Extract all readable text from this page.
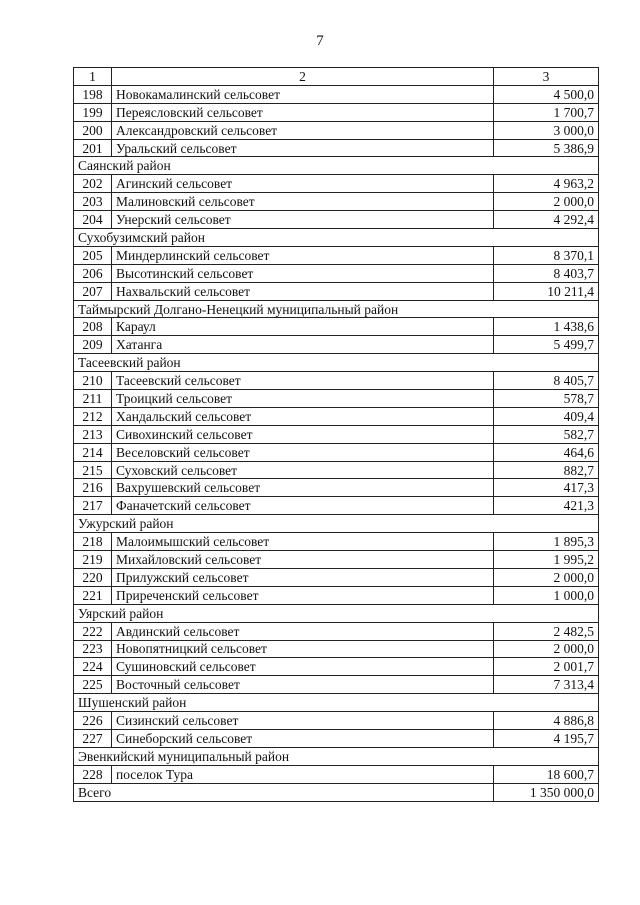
7
1	2	3
198	Новокамалинский сельсовет	4 500,0
199	Переясловский сельсовет	1 700,7
200	Александровский сельсовет	3 000,0
201	Уральский сельсовет	5 386,9
Саянский район		
202	Агинский сельсовет	4 963,2
203	Малиновский сельсовет	2 000,0
204	Унерский сельсовет	4 292,4
Сухобузимский район		
205	Миндерлинский сельсовет	8 370,1
206	Высотинский сельсовет	8 403,7
207	Нахвальский сельсовет	10 211,4
Таймырский Долгано-Ненецкий муниципальный район		
208	Караул	1 438,6
209	Хатанга	5 499,7
Тасеевский район		
210	Тасеевский сельсовет	8 405,7
211	Троицкий сельсовет	578,7
212	Хандальский сельсовет	409,4
213	Сивохинский сельсовет	582,7
214	Веселовский сельсовет	464,6
215	Суховский сельсовет	882,7
216	Вахрушевский сельсовет	417,3
217	Фаначетский сельсовет	421,3
Ужурский район		
218	Малоимышский сельсовет	1 895,3
219	Михайловский сельсовет	1 995,2
220	Прилужский сельсовет	2 000,0
221	Приреченский сельсовет	1 000,0
Уярский район		
222	Авдинский сельсовет	2 482,5
223	Новопятницкий сельсовет	2 000,0
224	Сушиновский сельсовет	2 001,7
225	Восточный сельсовет	7 313,4
Шушенский район		
226	Сизинский сельсовет	4 886,8
227	Синеборский сельсовет	4 195,7
Эвенкийский муниципальный район		
228	поселок Тура	18 600,7
Всего		1 350 000,0
